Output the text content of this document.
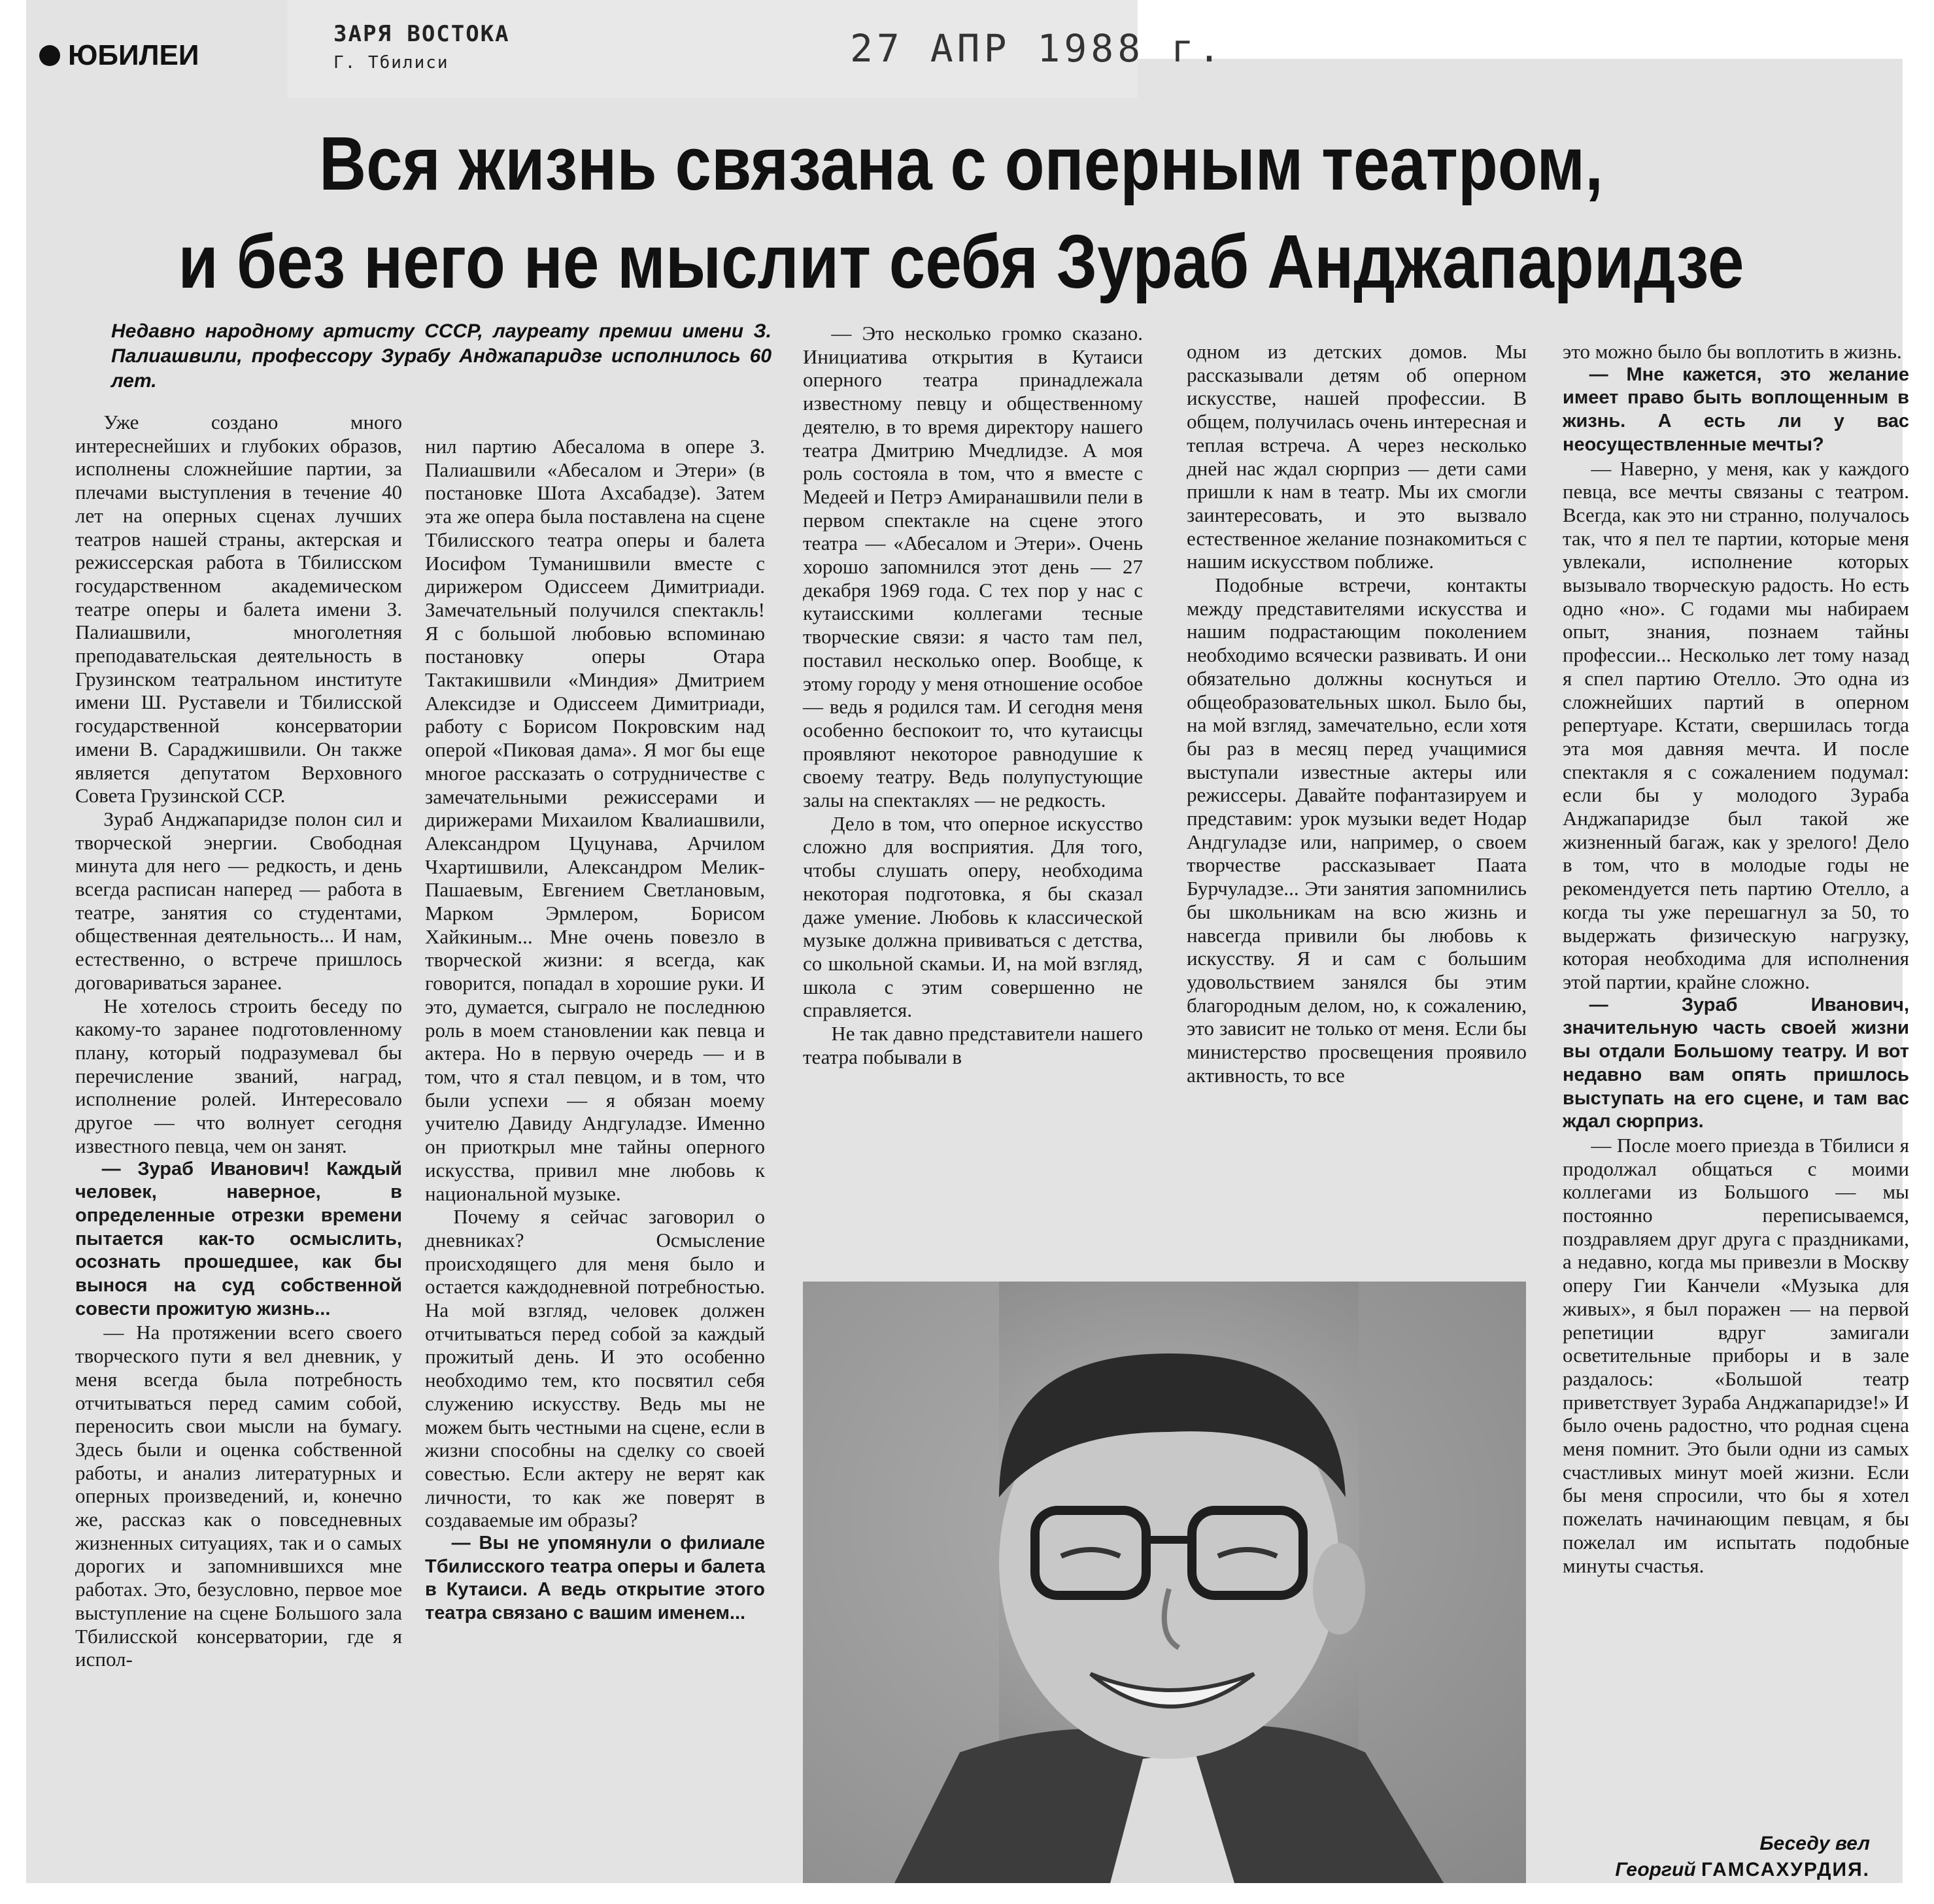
ЮБИЛЕИ
ЗАРЯ ВОСТОКА
Г. Тбилиси	27 АПР 1988 г.
Вся жизнь связана с оперным театром,
и без него не мыслит себя Зураб Анджапаридзе
Недавно народному артисту СССР, лауреату премии имени З. Палиашвили, профессору Зурабу Анджапаридзе исполнилось 60 лет.

Уже создано много интереснейших и глубоких образов, исполнены сложнейшие партии, за плечами выступления в течение 40 лет на оперных сценах лучших театров нашей страны, актерская и режиссерская работа в Тбилисском государственном академическом театре оперы и балета имени З. Палиашвили, многолетняя преподавательская деятельность в Грузинском театральном институте имени Ш. Руставели и Тбилисской государственной консерватории имени В. Сараджишвили. Он также является депутатом Верховного Совета Грузинской ССР.

Зураб Анджапаридзе полон сил и творческой энергии. Свободная минута для него — редкость, и день всегда расписан наперед — работа в театре, занятия со студентами, общественная деятельность... И нам, естественно, о встрече пришлось договариваться заранее.

Не хотелось строить беседу по какому-то заранее подготовленному плану, который подразумевал бы перечисление званий, наград, исполнение ролей. Интересовало другое — что волнует сегодня известного певца, чем он занят.

— Зураб Иванович! Каждый человек, наверное, в определенные отрезки времени пытается как-то осмыслить, осознать прошедшее, как бы вынося на суд собственной совести прожитую жизнь...

— На протяжении всего своего творческого пути я вел дневник, у меня всегда была потребность отчитываться перед самим собой, переносить свои мысли на бумагу. Здесь были и оценка собственной работы, и анализ литературных и оперных произведений, и, конечно же, рассказ как о повседневных жизненных ситуациях, так и о самых дорогих и запомнившихся мне работах. Это, безусловно, первое мое выступление на сцене Большого зала Тбилисской консерватории, где я испол-

нил партию Абесалома в опере З. Палиашвили «Абесалом и Этери» (в постановке Шота Ахсабадзе). Затем эта же опера была поставлена на сцене Тбилисского театра оперы и балета Иосифом Туманишвили вместе с дирижером Одиссеем Димитриади. Замечательный получился спектакль! Я с большой любовью вспоминаю постановку оперы Отара Тактакишвили «Миндия» Дмитрием Алексидзе и Одиссеем Димитриади, работу с Борисом Покровским над оперой «Пиковая дама». Я мог бы еще многое рассказать о сотрудничестве с замечательными режиссерами и дирижерами Михаилом Квалиашвили, Александром Цуцунава, Арчилом Чхартишвили, Александром Мелик-Пашаевым, Евгением Светлановым, Марком Эрмлером, Борисом Хайкиным... Мне очень повезло в творческой жизни: я всегда, как говорится, попадал в хорошие руки. И это, думается, сыграло не последнюю роль в моем становлении как певца и актера. Но в первую очередь — и в том, что я стал певцом, и в том, что были успехи — я обязан моему учителю Давиду Андгуладзе. Именно он приоткрыл мне тайны оперного искусства, привил мне любовь к национальной музыке.

Почему я сейчас заговорил о дневниках? Осмысление происходящего для меня было и остается каждодневной потребностью. На мой взгляд, человек должен отчитываться перед собой за каждый прожитый день. И это особенно необходимо тем, кто посвятил себя служению искусству. Ведь мы не можем быть честными на сцене, если в жизни способны на сделку со своей совестью. Если актеру не верят как личности, то как же поверят в создаваемые им образы?

— Вы не упомянули о филиале Тбилисского театра оперы и балета в Кутаиси. А ведь открытие этого театра связано с вашим именем...

— Это несколько громко сказано. Инициатива открытия в Кутаиси оперного театра принадлежала известному певцу и общественному деятелю, в то время директору нашего театра Дмитрию Мчедлидзе. А моя роль состояла в том, что я вместе с Медеей и Петрэ Амиранашвили пели в первом спектакле на сцене этого театра — «Абесалом и Этери». Очень хорошо запомнился этот день — 27 декабря 1969 года. С тех пор у нас с кутаисскими коллегами тесные творческие связи: я часто там пел, поставил несколько опер. Вообще, к этому городу у меня отношение особое — ведь я родился там. И сегодня меня особенно беспокоит то, что кутаисцы проявляют некоторое равнодушие к своему театру. Ведь полупустующие залы на спектаклях — не редкость.

Дело в том, что оперное искусство сложно для восприятия. Для того, чтобы слушать оперу, необходима некоторая подготовка, я бы сказал даже умение. Любовь к классической музыке должна прививаться с детства, со школьной скамьи. И, на мой взгляд, школа с этим совершенно не справляется.

Не так давно представители нашего театра побывали в

одном из детских домов. Мы рассказывали детям об оперном искусстве, нашей профессии. В общем, получилась очень интересная и теплая встреча. А через несколько дней нас ждал сюрприз — дети сами пришли к нам в театр. Мы их смогли заинтересовать, и это вызвало естественное желание познакомиться с нашим искусством поближе.

Подобные встречи, контакты между представителями искусства и нашим подрастающим поколением необходимо всячески развивать. И они обязательно должны коснуться и общеобразовательных школ. Было бы, на мой взгляд, замечательно, если хотя бы раз в месяц перед учащимися выступали известные актеры или режиссеры. Давайте пофантазируем и представим: урок музыки ведет Нодар Андгуладзе или, например, о своем творчестве рассказывает Паата Бурчуладзе... Эти занятия запомнились бы школьникам на всю жизнь и навсегда привили бы любовь к искусству. Я и сам с большим удовольствием занялся бы этим благородным делом, но, к сожалению, это зависит не только от меня. Если бы министерство просвещения проявило активность, то все

это можно было бы воплотить в жизнь.

— Мне кажется, это желание имеет право быть воплощенным в жизнь. А есть ли у вас неосуществленные мечты?

— Наверно, у меня, как у каждого певца, все мечты связаны с театром. Всегда, как это ни странно, получалось так, что я пел те партии, которые меня увлекали, исполнение которых вызывало творческую радость. Но есть одно «но». С годами мы набираем опыт, знания, познаем тайны профессии... Несколько лет тому назад я спел партию Отелло. Это одна из сложнейших партий в оперном репертуаре. Кстати, свершилась тогда эта моя давняя мечта. И после спектакля я с сожалением подумал: если бы у молодого Зураба Анджапаридзе был такой же жизненный багаж, как у зрелого! Дело в том, что в молодые годы не рекомендуется петь партию Отелло, а когда ты уже перешагнул за 50, то выдержать физическую нагрузку, которая необходима для исполнения этой партии, крайне сложно.

— Зураб Иванович, значительную часть своей жизни вы отдали Большому театру. И вот недавно вам опять пришлось выступать на его сцене, и там вас ждал сюрприз.

— После моего приезда в Тбилиси я продолжал общаться с моими коллегами из Большого — мы постоянно переписываемся, поздравляем друг друга с праздниками, а недавно, когда мы привезли в Москву оперу Гии Канчели «Музыка для живых», я был поражен — на первой репетиции вдруг замигали осветительные приборы и в зале раздалось: «Большой театр приветствует Зураба Анджапаридзе!» И было очень радостно, что родная сцена меня помнит. Это были одни из самых счастливых минут моей жизни. Если бы меня спросили, что бы я хотел пожелать начинающим певцам, я бы пожелал им испытать подобные минуты счастья.

Беседу вел
Георгий ГАМСАХУРДИЯ.
